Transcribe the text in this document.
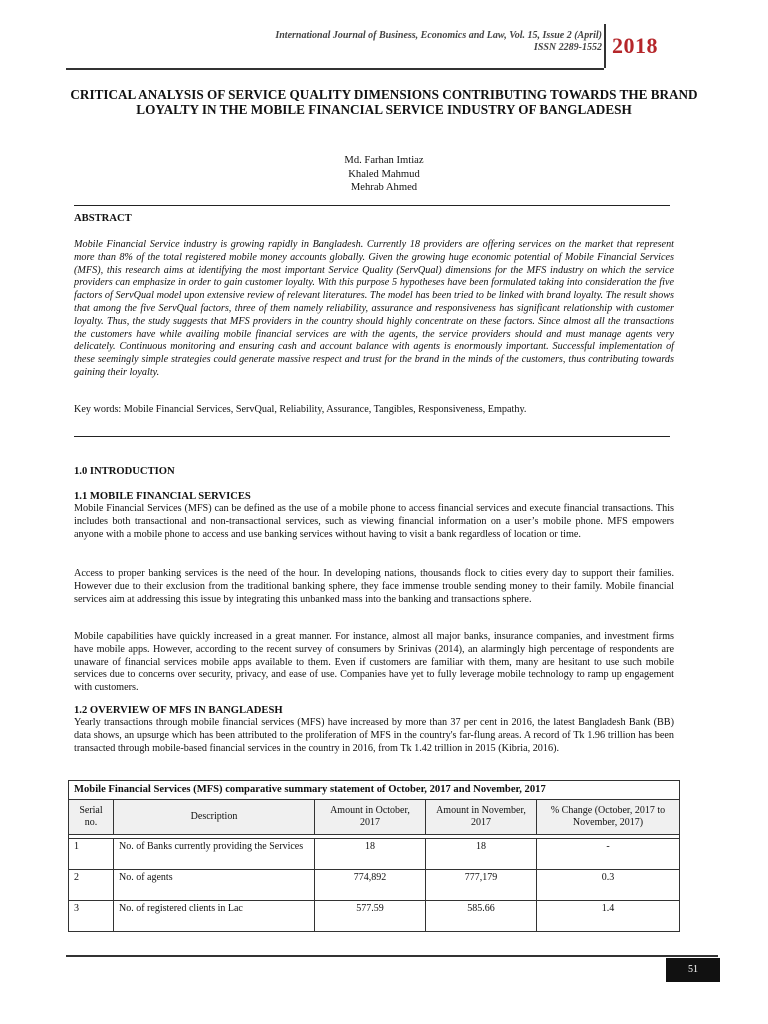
International Journal of Business, Economics and Law, Vol. 15, Issue 2 (April)
ISSN 2289-1552 2018
CRITICAL ANALYSIS OF SERVICE QUALITY DIMENSIONS CONTRIBUTING TOWARDS THE BRAND LOYALTY IN THE MOBILE FINANCIAL SERVICE INDUSTRY OF BANGLADESH
Md. Farhan Imtiaz
Khaled Mahmud
Mehrab Ahmed
ABSTRACT
Mobile Financial Service industry is growing rapidly in Bangladesh. Currently 18 providers are offering services on the market that represent more than 8% of the total registered mobile money accounts globally. Given the growing huge economic potential of Mobile Financial Services (MFS), this research aims at identifying the most important Service Quality (ServQual) dimensions for the MFS industry on which the service providers can emphasize in order to gain customer loyalty. With this purpose 5 hypotheses have been formulated taking into consideration the five factors of ServQual model upon extensive review of relevant literatures. The model has been tried to be linked with brand loyalty. The result shows that among the five ServQual factors, three of them namely reliability, assurance and responsiveness has significant relationship with customer loyalty. Thus, the study suggests that MFS providers in the country should highly concentrate on these factors. Since almost all the transactions the customers have while availing mobile financial services are with the agents, the service providers should and must manage agents very delicately. Continuous monitoring and ensuring cash and account balance with agents is enormously important. Successful implementation of these seemingly simple strategies could generate massive respect and trust for the brand in the minds of the customers, thus contributing towards gaining their loyalty.
Key words: Mobile Financial Services, ServQual, Reliability, Assurance, Tangibles, Responsiveness, Empathy.
1.0 INTRODUCTION
1.1 MOBILE FINANCIAL SERVICES
Mobile Financial Services (MFS) can be defined as the use of a mobile phone to access financial services and execute financial transactions. This includes both transactional and non-transactional services, such as viewing financial information on a user’s mobile phone. MFS empowers anyone with a mobile phone to access and use banking services without having to visit a bank regardless of location or time.
Access to proper banking services is the need of the hour. In developing nations, thousands flock to cities every day to support their families. However due to their exclusion from the traditional banking sphere, they face immense trouble sending money to their family. Mobile financial services aim at addressing this issue by integrating this unbanked mass into the banking and transactions sphere.
Mobile capabilities have quickly increased in a great manner. For instance, almost all major banks, insurance companies, and investment firms have mobile apps. However, according to the recent survey of consumers by Srinivas (2014), an alarmingly high percentage of respondents are unaware of financial services mobile apps available to them. Even if customers are familiar with them, many are hesitant to use such mobile services due to concerns over security, privacy, and ease of use. Companies have yet to fully leverage mobile technology to ramp up engagement with customers.
1.2 OVERVIEW OF MFS IN BANGLADESH
Yearly transactions through mobile financial services (MFS) have increased by more than 37 per cent in 2016, the latest Bangladesh Bank (BB) data shows, an upsurge which has been attributed to the proliferation of MFS in the country's far-flung areas. A record of Tk 1.96 trillion has been transacted through mobile-based financial services in the country in 2016, from Tk 1.42 trillion in 2015 (Kibria, 2016).
Mobile Financial Services (MFS) comparative summary statement of October, 2017 and November, 2017				
Serial no.	Description	Amount in October, 2017	Amount in November, 2017	% Change (October, 2017 to November, 2017)

1	No. of Banks currently providing the Services	18	18	-
2	No. of agents	774,892	777,179	0.3
3	No. of registered clients in Lac	577.59	585.66	1.4
51
